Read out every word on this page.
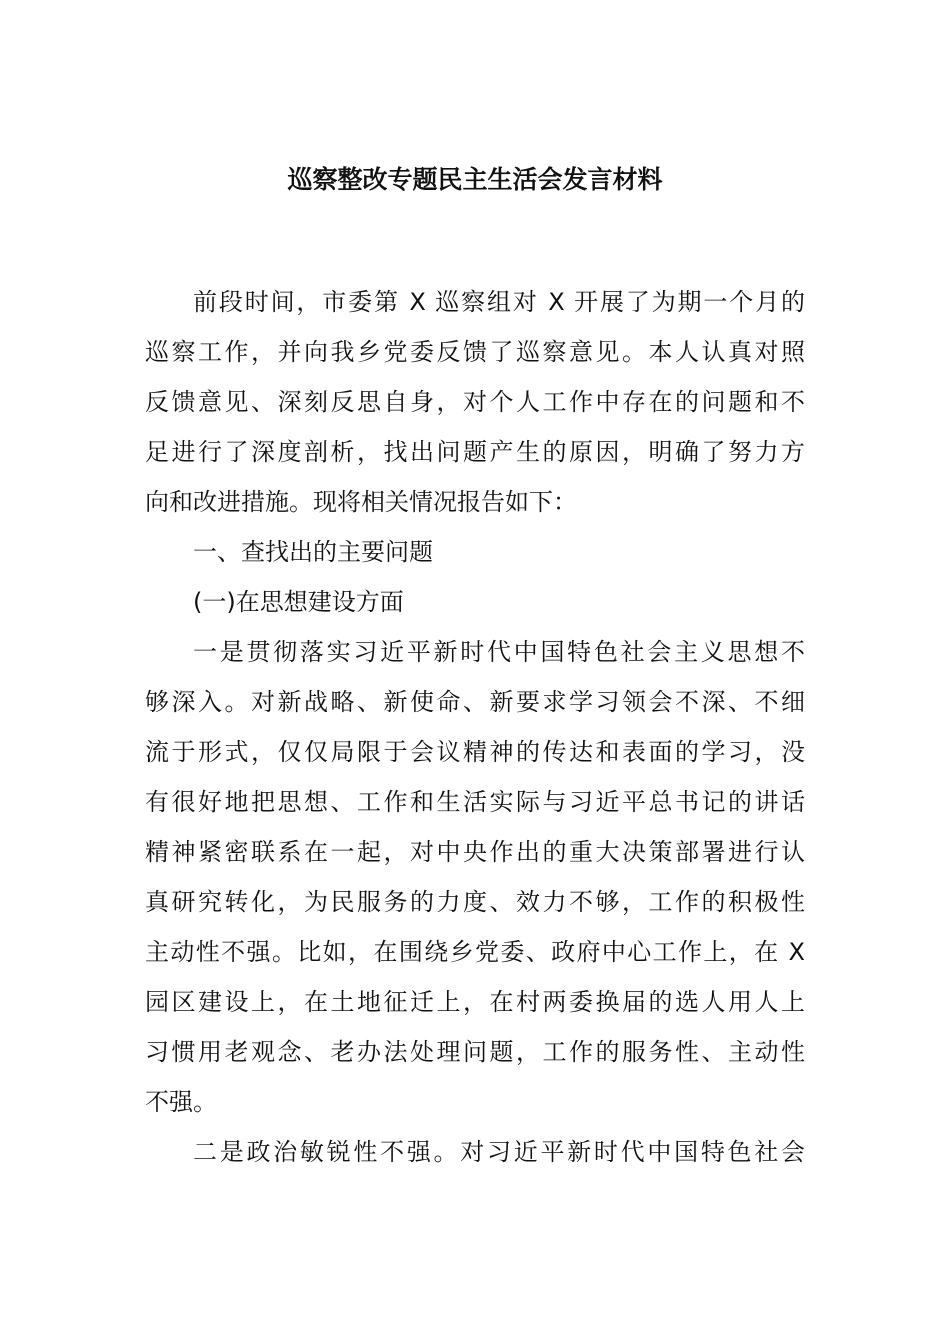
巡察整改专题民主生活会发言材料
前段时间，市委第 X 巡察组对 X 开展了为期一个月的
巡察工作，并向我乡党委反馈了巡察意见。本人认真对照
反馈意见、深刻反思自身，对个人工作中存在的问题和不
足进行了深度剖析，找出问题产生的原因，明确了努力方
向和改进措施。现将相关情况报告如下：
一、查找出的主要问题
(一)在思想建设方面
一是贯彻落实习近平新时代中国特色社会主义思想不
够深入。对新战略、新使命、新要求学习领会不深、不细
流于形式，仅仅局限于会议精神的传达和表面的学习，没
有很好地把思想、工作和生活实际与习近平总书记的讲话
精神紧密联系在一起，对中央作出的重大决策部署进行认
真研究转化，为民服务的力度、效力不够，工作的积极性
主动性不强。比如，在围绕乡党委、政府中心工作上，在 X
园区建设上，在土地征迁上，在村两委换届的选人用人上
习惯用老观念、老办法处理问题，工作的服务性、主动性
不强。
二是政治敏锐性不强。对习近平新时代中国特色社会
